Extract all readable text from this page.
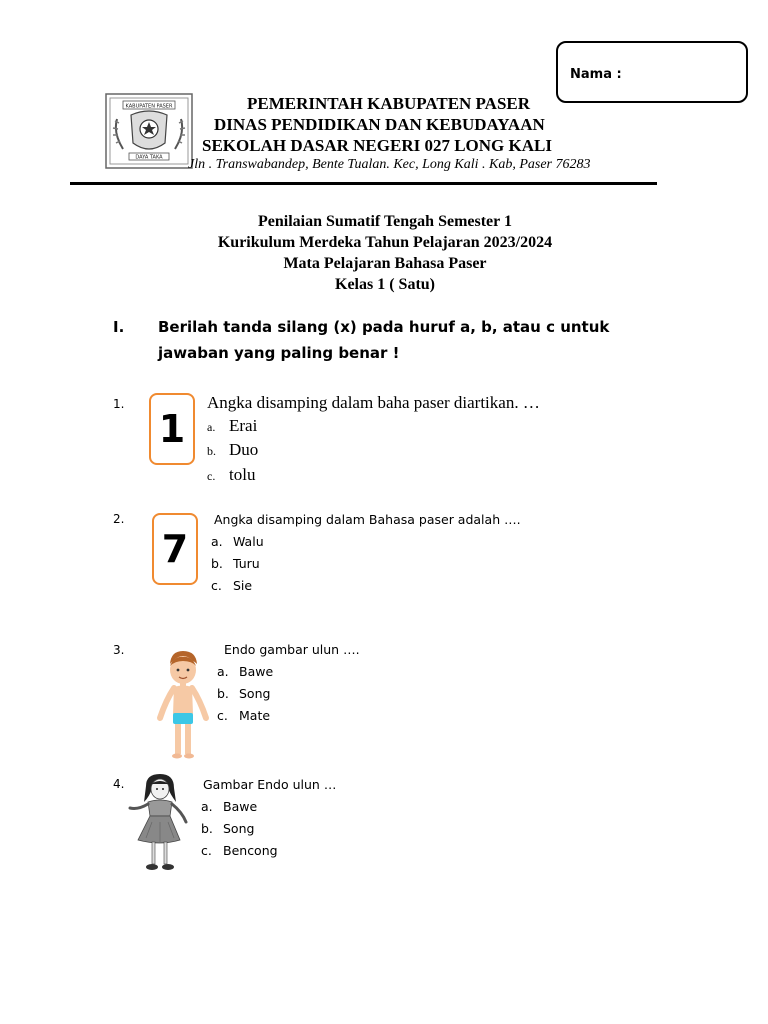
Nama :
KABUPATEN PASER
DAYA TAKA
PEMERINTAH KABUPATEN PASER
DINAS PENDIDIKAN DAN KEBUDAYAAN
SEKOLAH DASAR NEGERI 027 LONG KALI
Jln . Transwabandep, Bente Tualan. Kec, Long Kali . Kab, Paser 76283
Penilaian Sumatif Tengah Semester 1
Kurikulum Merdeka Tahun Pelajaran 2023/2024
Mata Pelajaran Bahasa Paser
Kelas 1 ( Satu)
I. Berilah tanda silang (x) pada huruf a, b, atau c untuk jawaban yang paling benar !
1.
1
Angka disamping dalam baha paser diartikan. …
a. Erai
b. Duo
c. tolu
2.
7
Angka disamping dalam Bahasa paser adalah ….
a. Walu
b. Turu
c. Sie
3.	Endo gambar ulun ….
a. Bawe
b. Song
c. Mate
4.	Gambar Endo ulun …
a. Bawe
b. Song
c. Bencong
